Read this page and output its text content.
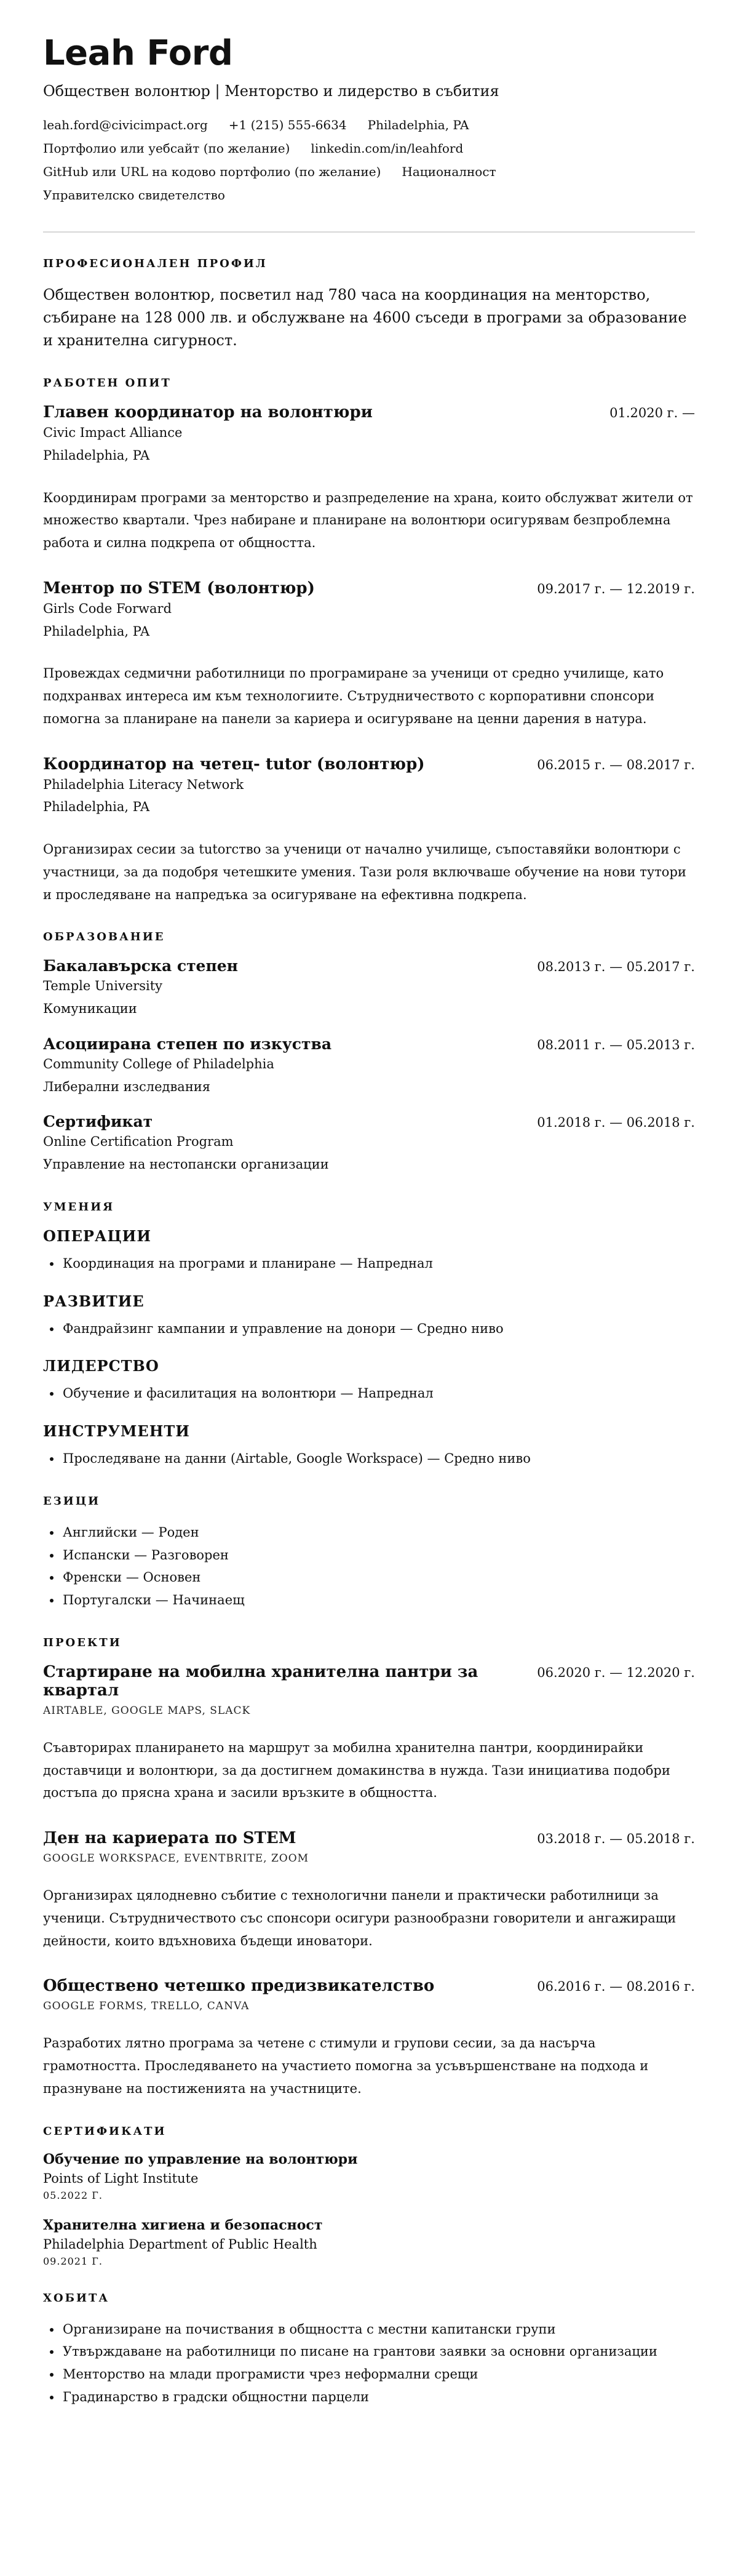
Leah Ford
Обществен волонтюр | Менторство и лидерство в събития
leah.ford@civicimpact.org +1 (215) 555-6634 Philadelphia, PA
Портфолио или уебсайт (по желание) linkedin.com/in/leahford
GitHub или URL на кодово портфолио (по желание) Националност
Управителско свидетелство
ПРОФЕСИОНАЛЕН ПРОФИЛ
Обществен волонтюр, посветил над 780 часа на координация на менторство, събиране на 128 000 лв. и обслужване на 4600 съседи в програми за образование и хранителна сигурност.
РАБОТЕН ОПИТ
Главен координатор на волонтюри	01.2020 г. —
Civic Impact Alliance
Philadelphia, PA
Координирам програми за менторство и разпределение на храна, които обслужват жители от множество квартали. Чрез набиране и планиране на волонтюри осигурявам безпроблемна работа и силна подкрепа от общността.
Ментор по STEM (волонтюр)	09.2017 г. — 12.2019 г.
Girls Code Forward
Philadelphia, PA
Провеждах седмични работилници по програмиране за ученици от средно училище, като подхранвах интереса им към технологиите. Сътрудничеството с корпоративни спонсори помогна за планиране на панели за кариера и осигуряване на ценни дарения в натура.
Координатор на четец- tutor (волонтюр)	06.2015 г. — 08.2017 г.
Philadelphia Literacy Network
Philadelphia, PA
Организирах сесии за tutorство за ученици от начално училище, съпоставяйки волонтюри с участници, за да подобря четешките умения. Тази роля включваше обучение на нови тутори и проследяване на напредъка за осигуряване на ефективна подкрепа.
ОБРАЗОВАНИЕ
Бакалавърска степен	08.2013 г. — 05.2017 г.
Temple University
Комуникации
Асоциирана степен по изкуства	08.2011 г. — 05.2013 г.
Community College of Philadelphia
Либерални изследвания
Сертификат	01.2018 г. — 06.2018 г.
Online Certification Program
Управление на нестопански организации
УМЕНИЯ
ОПЕРАЦИИ
• Координация на програми и планиране — Напреднал
РАЗВИТИЕ
• Фандрайзинг кампании и управление на донори — Средно ниво
ЛИДЕРСТВО
• Обучение и фасилитация на волонтюри — Напреднал
ИНСТРУМЕНТИ
• Проследяване на данни (Airtable, Google Workspace) — Средно ниво
ЕЗИЦИ
• Английски — Роден
• Испански — Разговорен
• Френски — Основен
• Португалски — Начинаещ
ПРОЕКТИ
Стартиране на мобилна хранителна пантри за квартал
06.2020 г. — 12.2020 г.
AIRTABLE, GOOGLE MAPS, SLACK
Съавторирах планирането на маршрут за мобилна хранителна пантри, координирайки доставчици и волонтюри, за да достигнем домакинства в нужда. Тази инициатива подобри достъпа до прясна храна и засили връзките в общността.
Ден на кариерата по STEM	03.2018 г. — 05.2018 г.
GOOGLE WORKSPACE, EVENTBRITE, ZOOM
Организирах цялодневно събитие с технологични панели и практически работилници за ученици. Сътрудничеството със спонсори осигури разнообразни говорители и ангажиращи дейности, които вдъхновиха бъдещи иноватори.
Обществено четешко предизвикателство	06.2016 г. — 08.2016 г.
GOOGLE FORMS, TRELLO, CANVA
Разработих лятно програма за четене с стимули и групови сесии, за да насърча грамотността. Проследяването на участието помогна за усъвършенстване на подхода и празнуване на постиженията на участниците.
СЕРТИФИКАТИ
Обучение по управление на волонтюри
Points of Light Institute
05.2022 Г.
Хранителна хигиена и безопасност
Philadelphia Department of Public Health
09.2021 Г.
ХОБИТА
• Организиране на почиствания в общността с местни капитански групи
• Утвърждаване на работилници по писане на грантови заявки за основни организации
• Менторство на млади програмисти чрез неформални срещи
• Градинарство в градски общностни парцели
